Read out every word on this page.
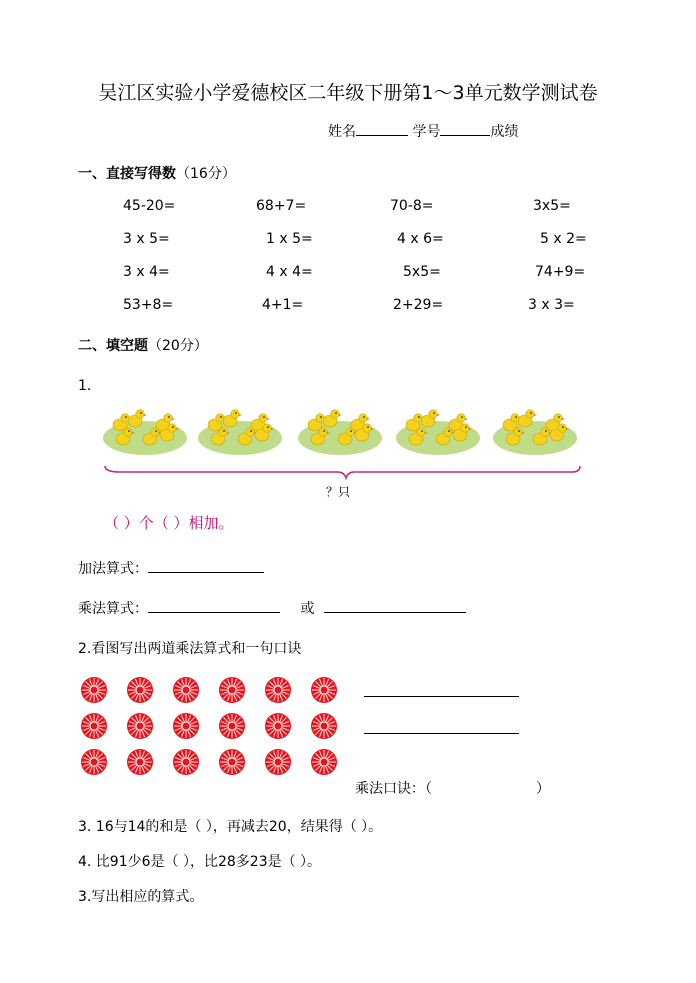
吴江区实验小学爱德校区二年级下册第1～3单元数学测试卷
姓名	学号	成绩
一、直接写得数（16分）
45-20=	68+7=	70-8=	3x5=
3 x 5=	1 x 5=	4 x 6=	5 x 2=
3 x 4=	4 x 4=	5x5=	74+9=
53+8=	4+1=	2+29=	3 x 3=
二、填空题（20分）
1．
？只
（ ）个（ ）相加。
加法算式：
乘法算式：	或
2.看图写出两道乘法算式和一句口诀
乘法口诀：（	）
3. 16与14的和是（ ），再减去20，结果得（ ）。
4. 比91少6是（ ），比28多23是（ ）。
3.写出相应的算式。
